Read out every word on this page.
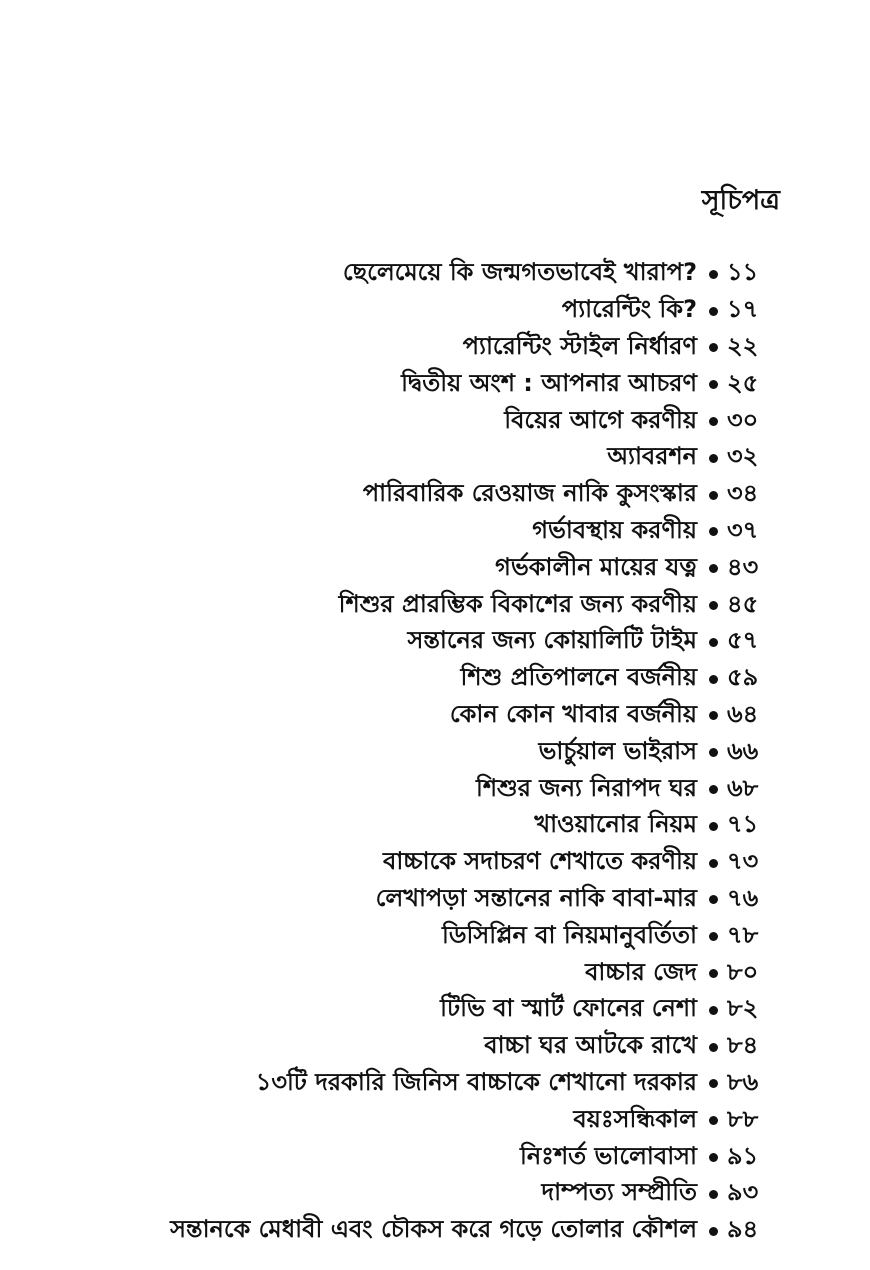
সূচিপত্র
ছেলেমেয়ে কি জন্মগতভাবেই খারাপ? ১১
প্যারেন্টিং কি? ১৭
প্যারেন্টিং স্টাইল নির্ধারণ ২২
দ্বিতীয় অংশ : আপনার আচরণ ২৫
বিয়ের আগে করণীয় ৩০
অ্যাবরশন ৩২
পারিবারিক রেওয়াজ নাকি কুসংস্কার ৩৪
গর্ভাবস্থায় করণীয় ৩৭
গর্ভকালীন মায়ের যত্ন ৪৩
শিশুর প্রারম্ভিক বিকাশের জন্য করণীয় ৪৫
সন্তানের জন্য কোয়ালিটি টাইম ৫৭
শিশু প্রতিপালনে বর্জনীয় ৫৯
কোন কোন খাবার বর্জনীয় ৬৪
ভার্চুয়াল ভাইরাস ৬৬
শিশুর জন্য নিরাপদ ঘর ৬৮
খাওয়ানোর নিয়ম ৭১
বাচ্চাকে সদাচরণ শেখাতে করণীয় ৭৩
লেখাপড়া সন্তানের নাকি বাবা-মার ৭৬
ডিসিপ্লিন বা নিয়মানুবর্তিতা ৭৮
বাচ্চার জেদ ৮০
টিভি বা স্মার্ট ফোনের নেশা ৮২
বাচ্চা ঘর আটকে রাখে ৮৪
১৩টি দরকারি জিনিস বাচ্চাকে শেখানো দরকার ৮৬
বয়ঃসন্ধিকাল ৮৮
নিঃশর্ত ভালোবাসা ৯১
দাম্পত্য সম্প্রীতি ৯৩
সন্তানকে মেধাবী এবং চৌকস করে গড়ে তোলার কৌশল ৯৪
